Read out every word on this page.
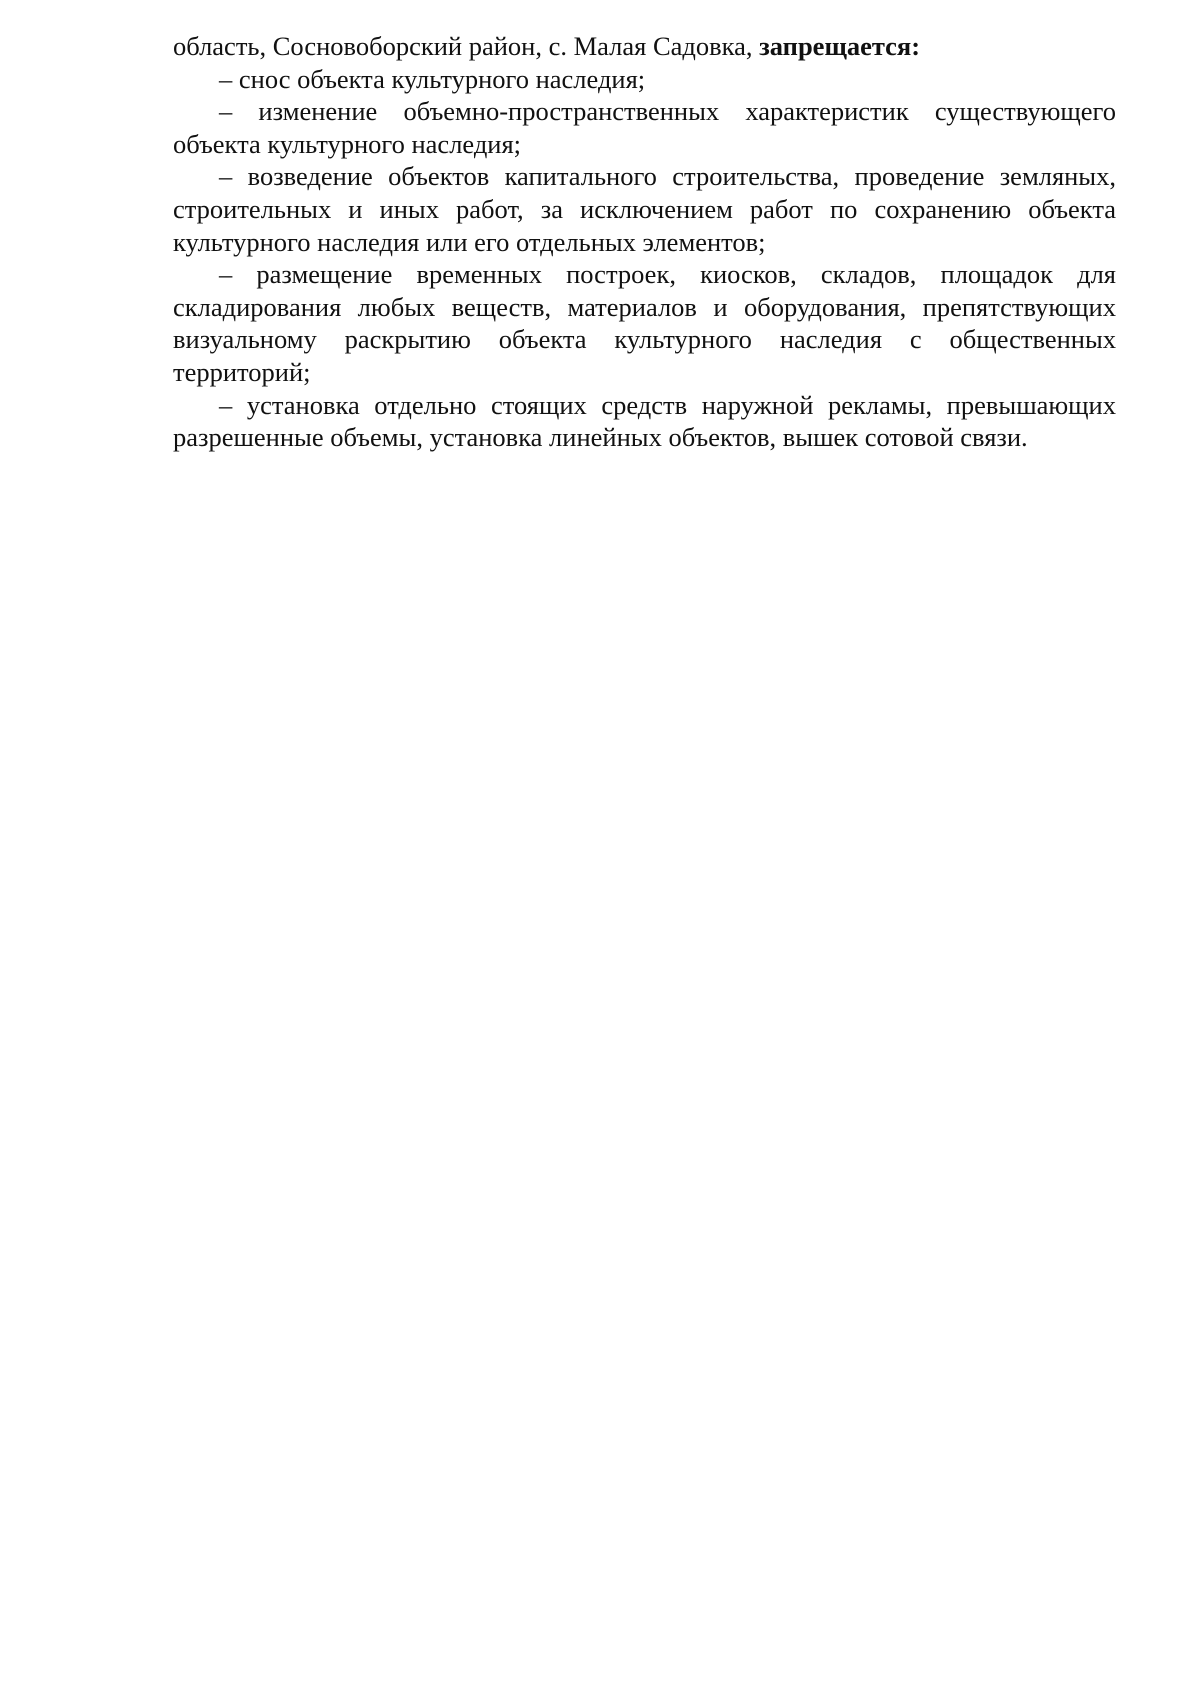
область, Сосновоборский район, с. Малая Садовка, запрещается:

– снос объекта культурного наследия;

– изменение объемно-пространственных характеристик существующего объекта культурного наследия;

– возведение объектов капитального строительства, проведение земляных, строительных и иных работ, за исключением работ по сохранению объекта культурного наследия или его отдельных элементов;

– размещение временных построек, киосков, складов, площадок для складирования любых веществ, материалов и оборудования, препятствующих визуальному раскрытию объекта культурного наследия с общественных территорий;

– установка отдельно стоящих средств наружной рекламы, превышающих разрешенные объемы, установка линейных объектов, вышек сотовой связи.
